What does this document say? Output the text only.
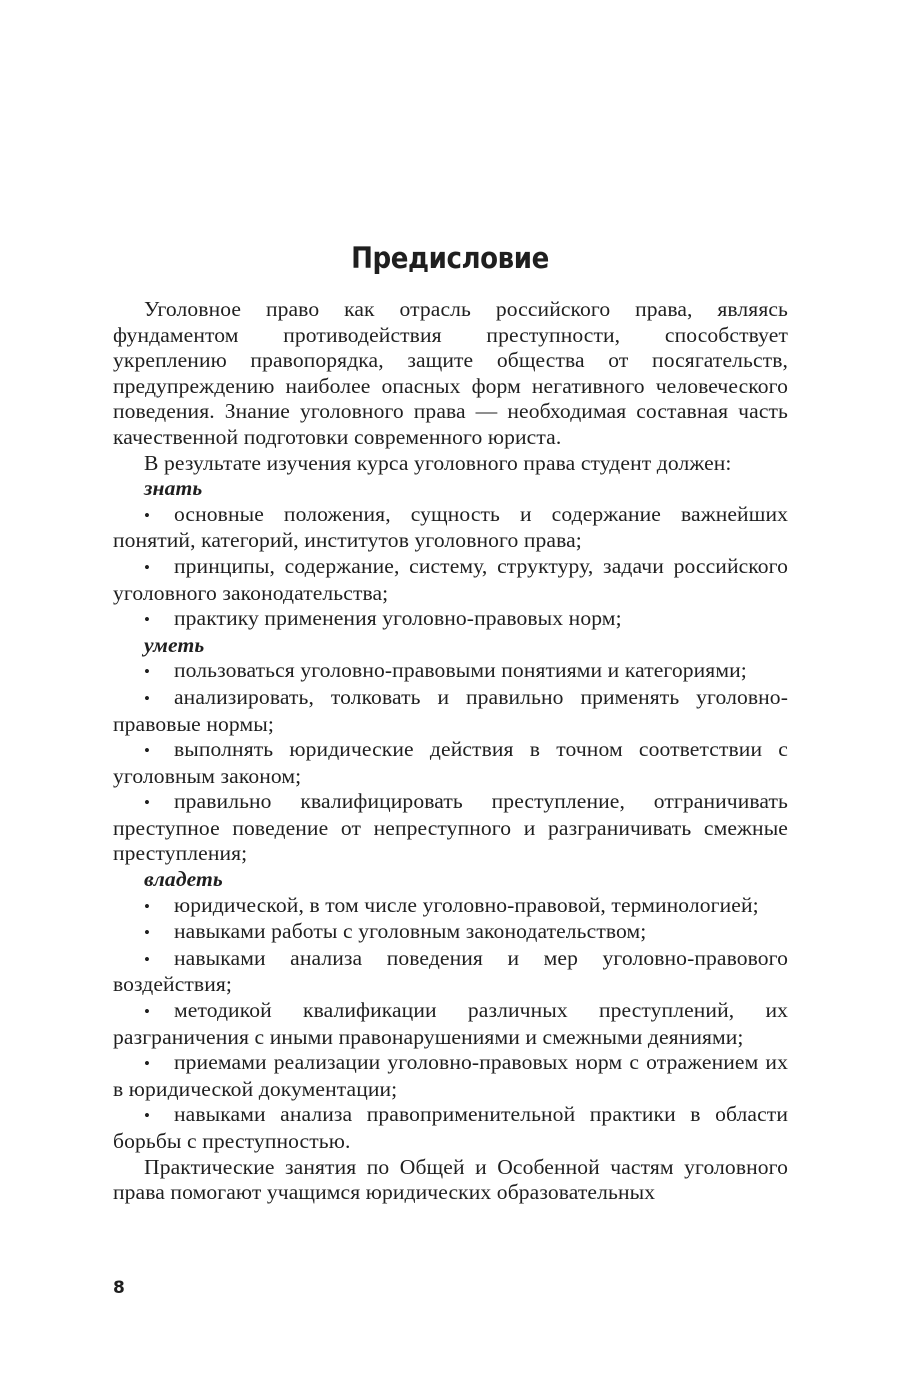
Предисловие

Уголовное право как отрасль российского права, являясь фундаментом противодействия преступности, способствует укреплению правопорядка, защите общества от посягательств, предупреждению наиболее опасных форм негативного человеческого поведения. Знание уголовного права — необходимая составная часть качественной подготовки современного юриста.

В результате изучения курса уголовного права студент должен:

знать

• основные положения, сущность и содержание важнейших понятий, категорий, институтов уголовного права;

• принципы, содержание, систему, структуру, задачи российского уголовного законодательства;

• практику применения уголовно-правовых норм;

уметь

• пользоваться уголовно-правовыми понятиями и категориями;

• анализировать, толковать и правильно применять уголовно-правовые нормы;

• выполнять юридические действия в точном соответствии с уголовным законом;

• правильно квалифицировать преступление, отграничивать преступное поведение от непреступного и разграничивать смежные преступления;

владеть

• юридической, в том числе уголовно-правовой, терминологией;

• навыками работы с уголовным законодательством;

• навыками анализа поведения и мер уголовно-правового воздействия;

• методикой квалификации различных преступлений, их разграничения с иными правонарушениями и смежными деяниями;

• приемами реализации уголовно-правовых норм с отражением их в юридической документации;

• навыками анализа правоприменительной практики в области борьбы с преступностью.

Практические занятия по Общей и Особенной частям уголовного права помогают учащимся юридических образовательных

8
